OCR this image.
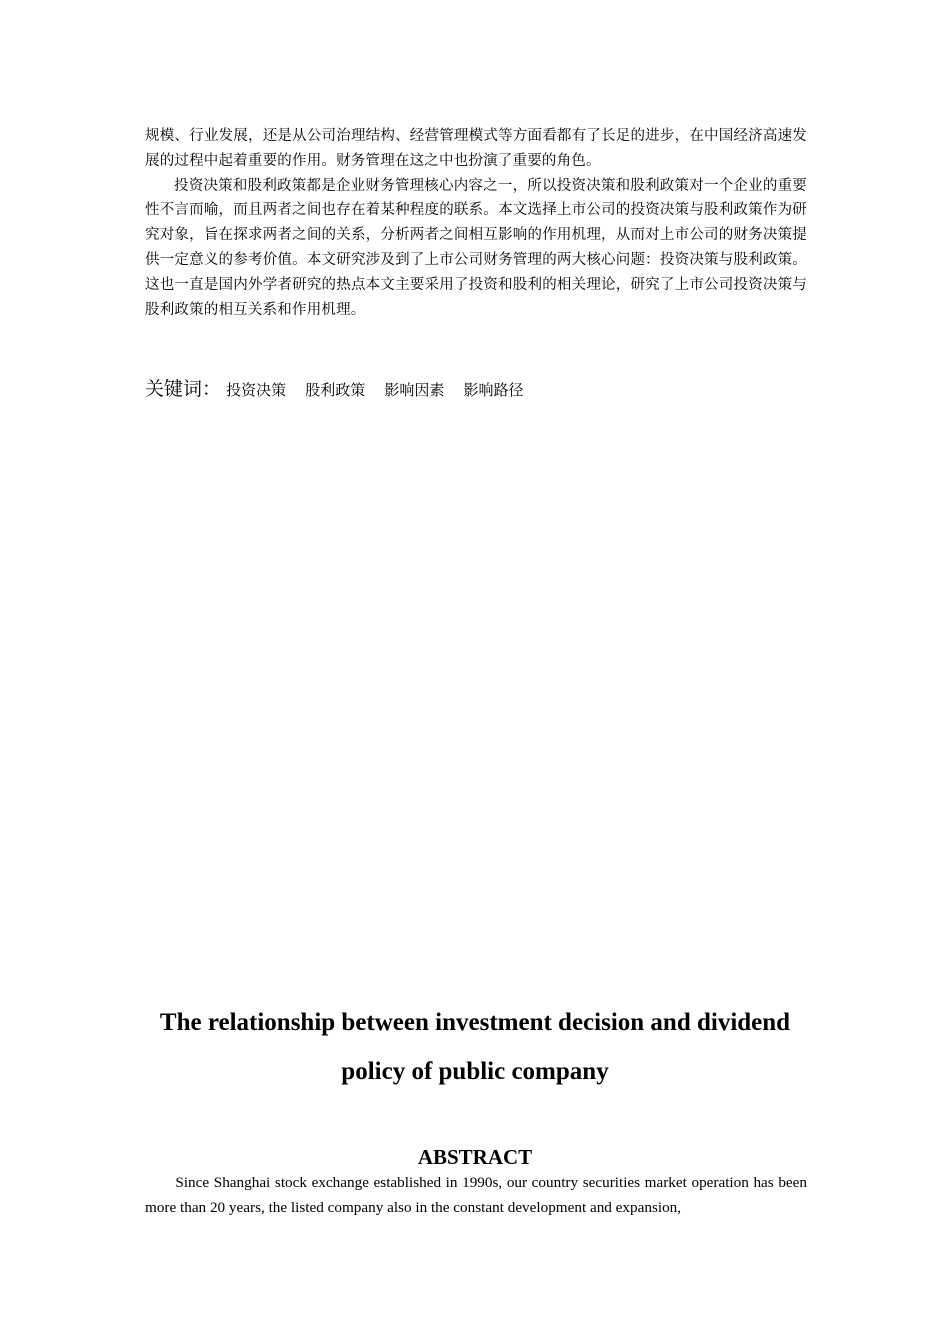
规模、行业发展，还是从公司治理结构、经营管理模式等方面看都有了长足的进步，在中国经济高速发展的过程中起着重要的作用。财务管理在这之中也扮演了重要的角色。

投资决策和股利政策都是企业财务管理核心内容之一，所以投资决策和股利政策对一个企业的重要性不言而喻，而且两者之间也存在着某种程度的联系。本文选择上市公司的投资决策与股利政策作为研究对象，旨在探求两者之间的关系，分析两者之间相互影响的作用机理，从而对上市公司的财务决策提供一定意义的参考价值。本文研究涉及到了上市公司财务管理的两大核心问题：投资决策与股利政策。这也一直是国内外学者研究的热点本文主要采用了投资和股利的相关理论，研究了上市公司投资决策与股利政策的相互关系和作用机理。

关键词： 投资决策 股利政策 影响因素 影响路径
The relationship between investment decision and dividend
policy of public company
ABSTRACT

Since Shanghai stock exchange established in 1990s, our country securities market operation has been more than 20 years, the listed company also in the constant development and expansion,
